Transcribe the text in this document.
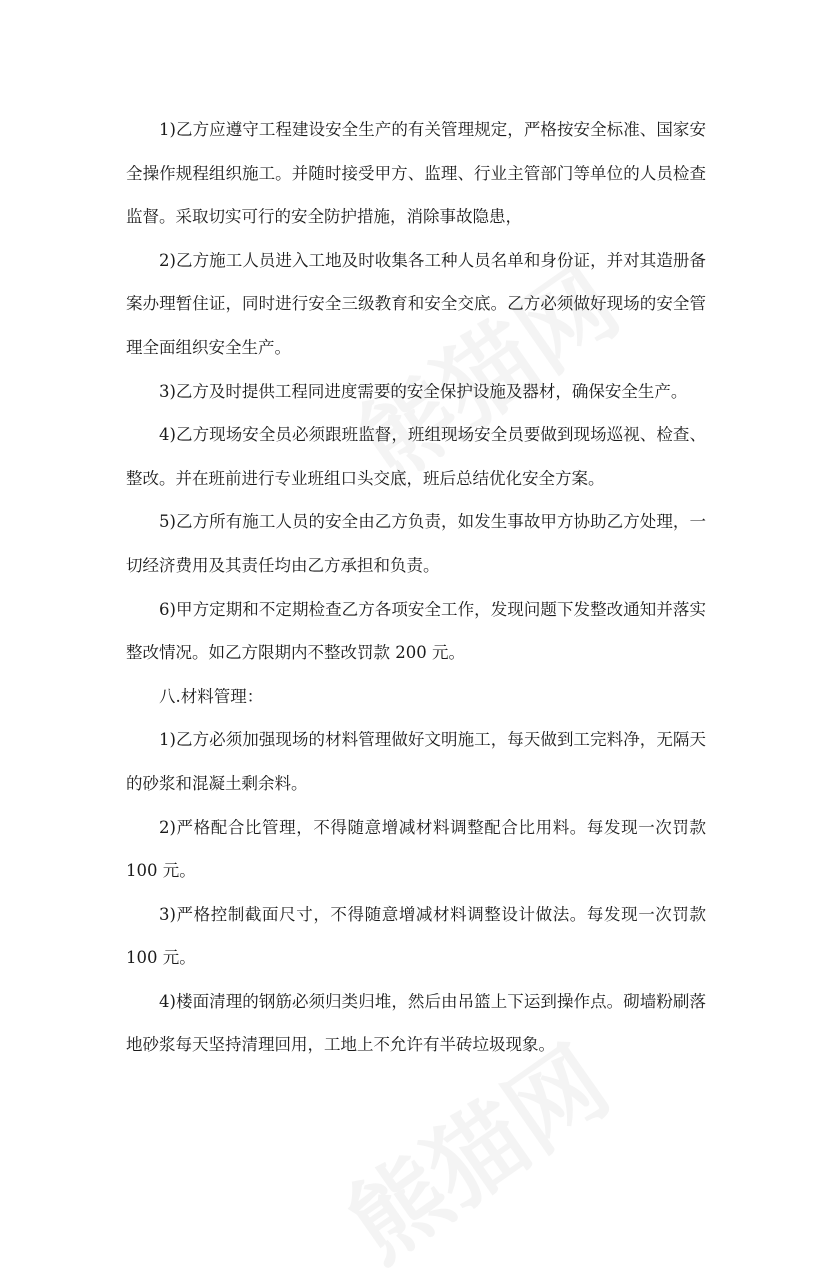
1)乙方应遵守工程建设安全生产的有关管理规定，严格按安全标准、国家安全操作规程组织施工。并随时接受甲方、监理、行业主管部门等单位的人员检查监督。采取切实可行的安全防护措施，消除事故隐患，

2)乙方施工人员进入工地及时收集各工种人员名单和身份证，并对其造册备案办理暂住证，同时进行安全三级教育和安全交底。乙方必须做好现场的安全管理全面组织安全生产。

3)乙方及时提供工程同进度需要的安全保护设施及器材，确保安全生产。

4)乙方现场安全员必须跟班监督，班组现场安全员要做到现场巡视、检查、整改。并在班前进行专业班组口头交底，班后总结优化安全方案。

5)乙方所有施工人员的安全由乙方负责，如发生事故甲方协助乙方处理，一切经济费用及其责任均由乙方承担和负责。

6)甲方定期和不定期检查乙方各项安全工作，发现问题下发整改通知并落实整改情况。如乙方限期内不整改罚款 200 元。

八.材料管理：

1)乙方必须加强现场的材料管理做好文明施工，每天做到工完料净，无隔天的砂浆和混凝土剩余料。

2)严格配合比管理，不得随意增减材料调整配合比用料。每发现一次罚款 100 元。

3)严格控制截面尺寸，不得随意增减材料调整设计做法。每发现一次罚款 100 元。

4)楼面清理的钢筋必须归类归堆，然后由吊篮上下运到操作点。砌墙粉刷落地砂浆每天坚持清理回用，工地上不允许有半砖垃圾现象。
